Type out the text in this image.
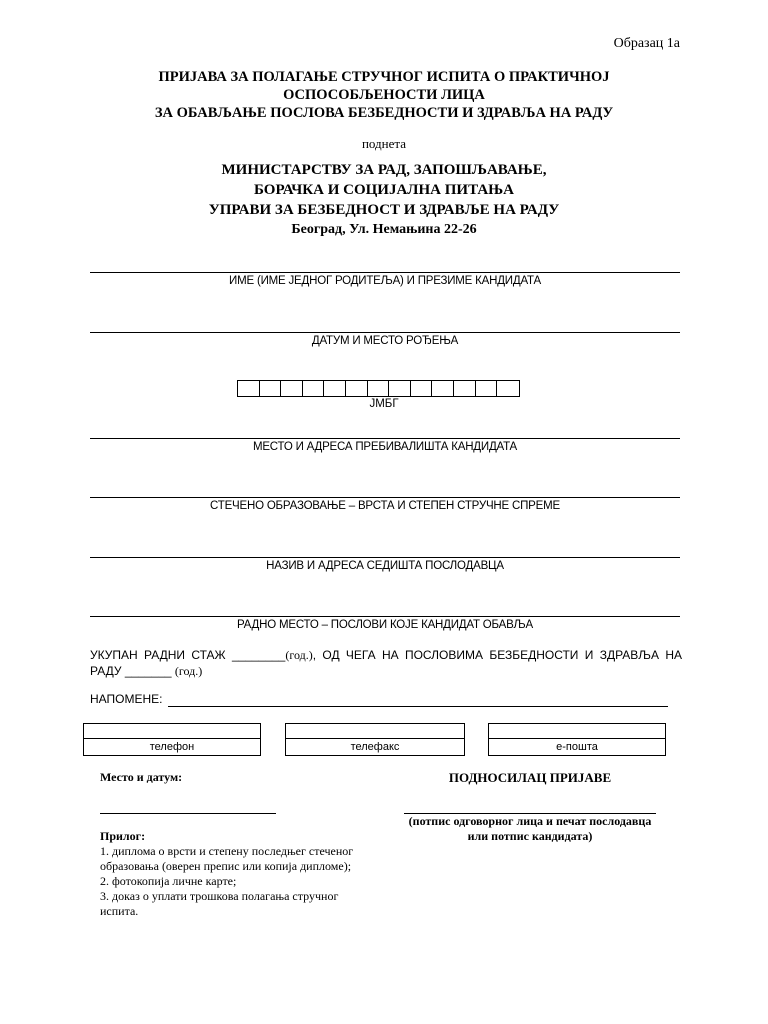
Образац 1а
ПРИЈАВА ЗА ПОЛАГАЊЕ СТРУЧНОГ ИСПИТА О ПРАКТИЧНОЈ
ОСПОСОБЉЕНОСТИ ЛИЦА
ЗА ОБАВЉАЊЕ ПОСЛОВА БЕЗБЕДНОСТИ И ЗДРАВЉА НА РАДУ
поднета
МИНИСТАРСТВУ ЗА РАД, ЗАПОШЉАВАЊЕ,
БОРАЧКА И СОЦИЈАЛНА ПИТАЊА
УПРАВИ ЗА БЕЗБЕДНОСТ И ЗДРАВЉЕ НА РАДУ
Београд, Ул. Немањина 22-26
ИМЕ (ИМЕ ЈЕДНОГ РОДИТЕЉА) И ПРЕЗИМЕ КАНДИДАТА
ДАТУМ И МЕСТО РОЂЕЊА
ЈМБГ
МЕСТО И АДРЕСА ПРЕБИВАЛИШТА КАНДИДАТА
СТЕЧЕНО ОБРАЗОВАЊЕ – ВРСТА И СТЕПЕН СТРУЧНЕ СПРЕМЕ
НАЗИВ И АДРЕСА СЕДИШТА ПОСЛОДАВЦА
РАДНО МЕСТО – ПОСЛОВИ КОЈЕ КАНДИДАТ ОБАВЉА
УКУПАН РАДНИ СТАЖ ________(год.), ОД ЧЕГА НА ПОСЛОВИМА БЕЗБЕДНОСТИ И ЗДРАВЉА НА РАДУ _______ (год.)
НАПОМЕНЕ:
телефон	телефакс	е-пошта
Место и датум:	ПОДНОСИЛАЦ ПРИЈАВЕ
(потпис одговорног лица и печат послодавца
или потпис кандидата)
Прилог:
1. диплома о врсти и степену последњег стеченог
образовања (оверен препис или копија дипломе);
2. фотокопија личне карте;
3. доказ о уплати трошкова полагања стручног
испита.
